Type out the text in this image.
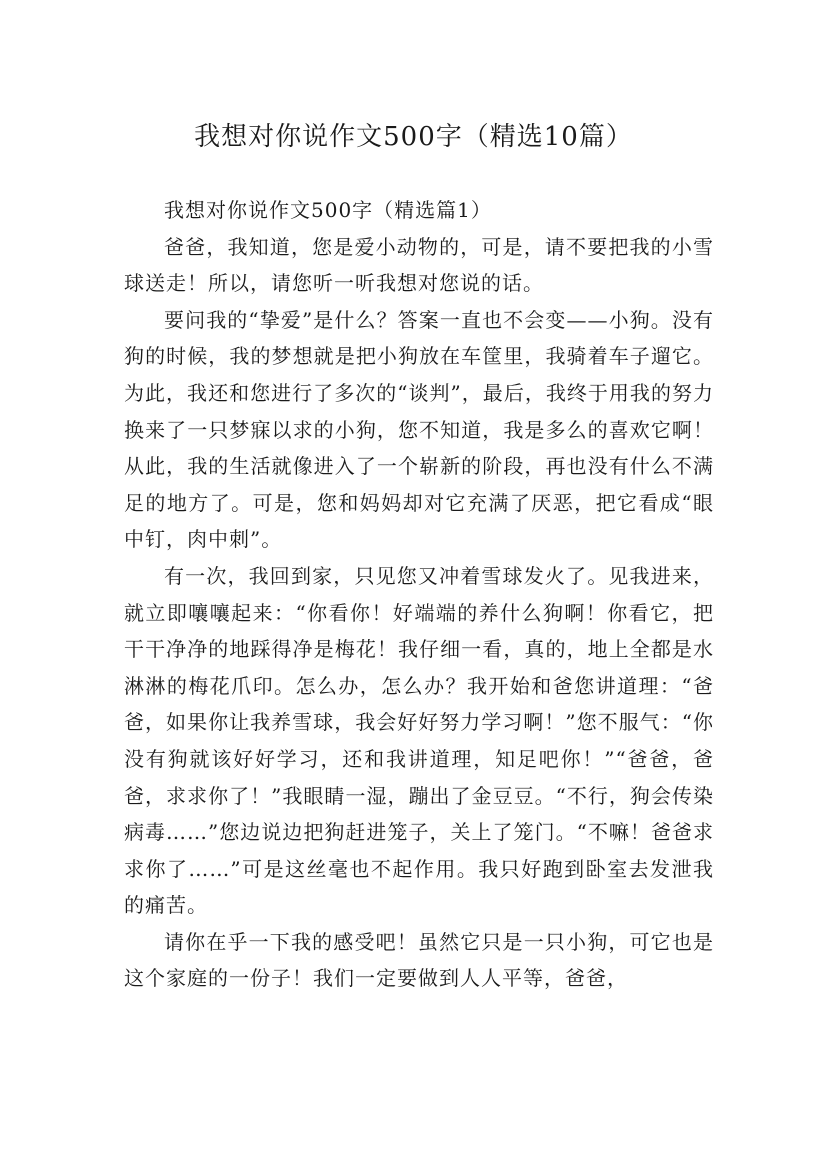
我想对你说作文500字（精选10篇）

我想对你说作文500字（精选篇1）

爸爸，我知道，您是爱小动物的，可是，请不要把我的小雪球送走！所以，请您听一听我想对您说的话。

要问我的“挚爱”是什么？答案一直也不会变——小狗。没有狗的时候，我的梦想就是把小狗放在车筐里，我骑着车子遛它。为此，我还和您进行了多次的“谈判”，最后，我终于用我的努力换来了一只梦寐以求的小狗，您不知道，我是多么的喜欢它啊！从此，我的生活就像进入了一个崭新的阶段，再也没有什么不满足的地方了。可是，您和妈妈却对它充满了厌恶，把它看成“眼中钉，肉中刺”。

有一次，我回到家，只见您又冲着雪球发火了。见我进来，就立即嚷嚷起来：“你看你！好端端的养什么狗啊！你看它，把干干净净的地踩得净是梅花！我仔细一看，真的，地上全都是水淋淋的梅花爪印。怎么办，怎么办？我开始和爸您讲道理：“爸爸，如果你让我养雪球，我会好好努力学习啊！”您不服气：“你没有狗就该好好学习，还和我讲道理，知足吧你！”“爸爸，爸爸，求求你了！”我眼睛一湿，蹦出了金豆豆。“不行，狗会传染病毒……”您边说边把狗赶进笼子，关上了笼门。“不嘛！爸爸求求你了……”可是这丝毫也不起作用。我只好跑到卧室去发泄我的痛苦。

请你在乎一下我的感受吧！虽然它只是一只小狗，可它也是这个家庭的一份子！我们一定要做到人人平等，爸爸，
